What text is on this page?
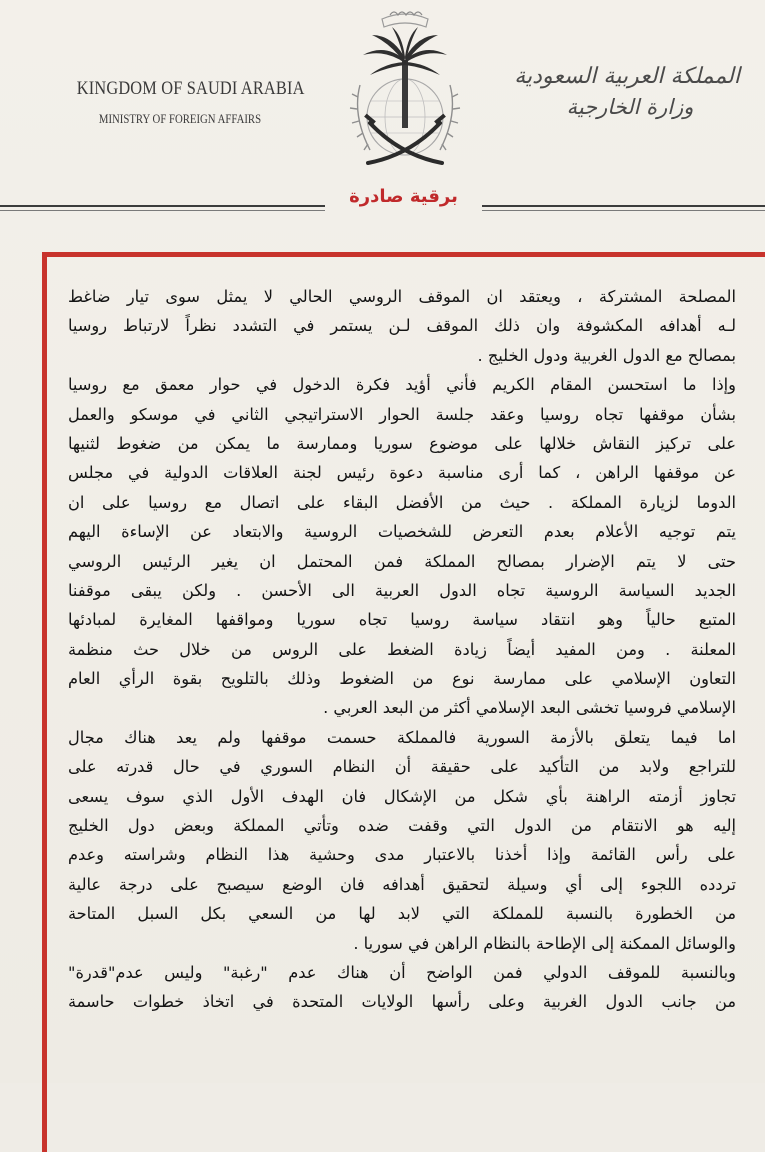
KINGDOM OF SAUDI ARABIA
MINISTRY OF FOREIGN AFFAIRS
المملكة العربية السعودية
وزارة الخارجية
برقية صادرة
المصلحة المشتركة ، ويعتقد ان الموقف الروسي الحالي لا يمثل سوى تيار ضاغط
لـه أهدافه المكشوفة وان ذلك الموقف لـن يستمر في التشدد نظراً لارتباط روسيا
بمصالح مع الدول الغربية ودول الخليج .
وإذا ما استحسن المقام الكريم فأني أؤيد فكرة الدخول في حوار معمق مع روسيا
بشأن موقفها تجاه روسيا وعقد جلسة الحوار الاستراتيجي الثاني في موسكو والعمل
على تركيز النقاش خلالها على موضوع سوريا وممارسة ما يمكن من ضغوط لثنيها
عن موقفها الراهن ، كما أرى مناسبة دعوة رئيس لجنة العلاقات الدولية في مجلس
الدوما لزيارة المملكة . حيث من الأفضل البقاء على اتصال مع روسيا على ان
يتم توجيه الأعلام بعدم التعرض للشخصيات الروسية والابتعاد عن الإساءة اليهم
حتى لا يتم الإضرار بمصالح المملكة فمن المحتمل ان يغير الرئيس الروسي
الجديد السياسة الروسية تجاه الدول العربية الى الأحسن . ولكن يبقى موقفنا
المتبع حالياً وهو انتقاد سياسة روسيا تجاه سوريا ومواقفها المغايرة لمبادئها
المعلنة . ومن المفيد أيضاً زيادة الضغط على الروس من خلال حث منظمة
التعاون الإسلامي على ممارسة نوع من الضغوط وذلك بالتلويح بقوة الرأي العام
الإسلامي فروسيا تخشى البعد الإسلامي أكثر من البعد العربي .
اما فيما يتعلق بالأزمة السورية فالمملكة حسمت موقفها ولم يعد هناك مجال
للتراجع ولابد من التأكيد على حقيقة أن النظام السوري في حال قدرته على
تجاوز أزمته الراهنة بأي شكل من الإشكال فان الهدف الأول الذي سوف يسعى
إليه هو الانتقام من الدول التي وقفت ضده وتأتي المملكة وبعض دول الخليج
على رأس القائمة وإذا أخذنا بالاعتبار مدى وحشية هذا النظام وشراسته وعدم
تردده اللجوء إلى أي وسيلة لتحقيق أهدافه فان الوضع سيصبح على درجة عالية
من الخطورة بالنسبة للمملكة التي لابد لها من السعي بكل السبل المتاحة
والوسائل الممكنة إلى الإطاحة بالنظام الراهن في سوريا .
وبالنسبة للموقف الدولي فمن الواضح أن هناك عدم "رغبة" وليس عدم"قدرة"
من جانب الدول الغربية وعلى رأسها الولايات المتحدة في اتخاذ خطوات حاسمة
